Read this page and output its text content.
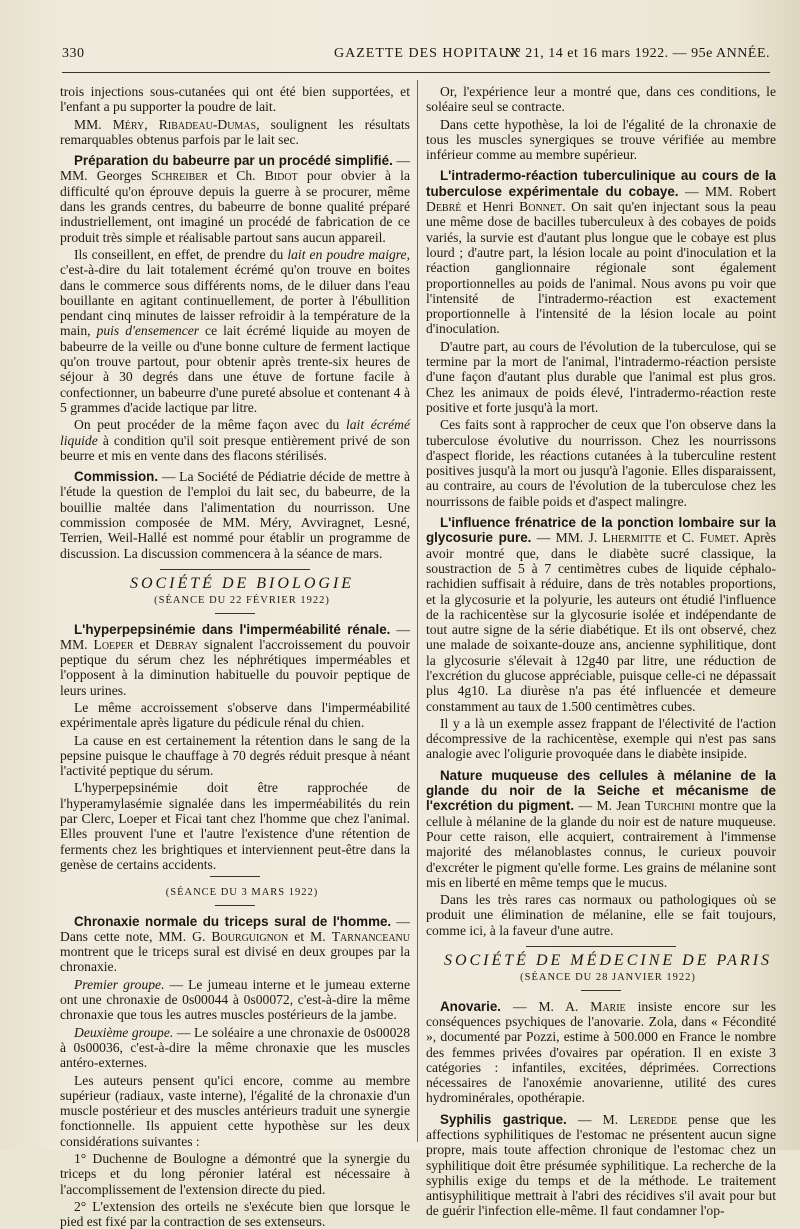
330	GAZETTE DES HOPITAUX
N° 21, 14 et 16 mars 1922. — 95e ANNÉE.

trois injections sous-cutanées qui ont été bien supportées, et l'enfant a pu supporter la poudre de lait.

MM. Méry, Ribadeau-Dumas, soulignent les résultats remarquables obtenus parfois par le lait sec.

Préparation du babeurre par un procédé simplifié. — MM. Georges Schreiber et Ch. Bidot pour obvier à la difficulté qu'on éprouve depuis la guerre à se procurer, même dans les grands centres, du babeurre de bonne qualité préparé industriellement, ont imaginé un procédé de fabrication de ce produit très simple et réalisable partout sans aucun appareil.

Ils conseillent, en effet, de prendre du lait en poudre maigre, c'est-à-dire du lait totalement écrémé qu'on trouve en boites dans le commerce sous différents noms, de le diluer dans l'eau bouillante en agitant continuellement, de porter à l'ébullition pendant cinq minutes de laisser refroidir à la température de la main, puis d'ensemencer ce lait écrémé liquide au moyen de babeurre de la veille ou d'une bonne culture de ferment lactique qu'on trouve partout, pour obtenir après trente-six heures de séjour à 30 degrés dans une étuve de fortune facile à confectionner, un babeurre d'une pureté absolue et contenant 4 à 5 grammes d'acide lactique par litre.

On peut procéder de la même façon avec du lait écrémé liquide à condition qu'il soit presque entièrement privé de son beurre et mis en vente dans des flacons stérilisés.

Commission. — La Société de Pédiatrie décide de mettre à l'étude la question de l'emploi du lait sec, du babeurre, de la bouillie maltée dans l'alimentation du nourrisson. Une commission composée de MM. Méry, Avviragnet, Lesné, Terrien, Weil-Hallé est nommé pour établir un programme de discussion. La discussion commencera à la séance de mars.

SOCIÉTÉ DE BIOLOGIE

(SÉANCE DU 22 FÉVRIER 1922)

L'hyperpepsinémie dans l'imperméabilité rénale. — MM. Loeper et Debray signalent l'accroissement du pouvoir peptique du sérum chez les néphrétiques imperméables et l'opposent à la diminution habituelle du pouvoir peptique de leurs urines.

Le même accroissement s'observe dans l'imperméabilité expérimentale après ligature du pédicule rénal du chien.

La cause en est certainement la rétention dans le sang de la pepsine puisque le chauffage à 70 degrés réduit presque à néant l'activité peptique du sérum.

L'hyperpepsinémie doit être rapprochée de l'hyperamylasémie signalée dans les imperméabilités du rein par Clerc, Loeper et Ficai tant chez l'homme que chez l'animal. Elles prouvent l'une et l'autre l'existence d'une rétention de ferments chez les brightiques et interviennent peut-être dans la genèse de certains accidents.

(SÉANCE DU 3 MARS 1922)

Chronaxie normale du triceps sural de l'homme. — Dans cette note, MM. G. Bourguignon et M. Tarnanceanu montrent que le triceps sural est divisé en deux groupes par la chronaxie.

Premier groupe. — Le jumeau interne et le jumeau externe ont une chronaxie de 0s00044 à 0s00072, c'est-à-dire la même chronaxie que tous les autres muscles postérieurs de la jambe.

Deuxième groupe. — Le soléaire a une chronaxie de 0s00028 à 0s00036, c'est-à-dire la même chronaxie que les muscles antéro-externes.

Les auteurs pensent qu'ici encore, comme au membre supérieur (radiaux, vaste interne), l'égalité de la chronaxie d'un muscle postérieur et des muscles antérieurs traduit une synergie fonctionnelle. Ils appuient cette hypothèse sur les deux considérations suivantes :

1° Duchenne de Boulogne a démontré que la synergie du triceps et du long péronier latéral est nécessaire à l'accomplissement de l'extension directe du pied.

2° L'extension des orteils ne s'exécute bien que lorsque le pied est fixé par la contraction de ses extenseurs.

Or, l'expérience leur a montré que, dans ces conditions, le soléaire seul se contracte.

Dans cette hypothèse, la loi de l'égalité de la chronaxie de tous les muscles synergiques se trouve vérifiée au membre inférieur comme au membre supérieur.

L'intradermo-réaction tuberculinique au cours de la tuberculose expérimentale du cobaye. — MM. Robert Debré et Henri Bonnet. On sait qu'en injectant sous la peau une même dose de bacilles tuberculeux à des cobayes de poids variés, la survie est d'autant plus longue que le cobaye est plus lourd ; d'autre part, la lésion locale au point d'inoculation et la réaction ganglionnaire régionale sont également proportionnelles au poids de l'animal. Nous avons pu voir que l'intensité de l'intradermo-réaction est exactement proportionnelle à l'intensité de la lésion locale au point d'inoculation.

D'autre part, au cours de l'évolution de la tuberculose, qui se termine par la mort de l'animal, l'intradermo-réaction persiste d'une façon d'autant plus durable que l'animal est plus gros. Chez les animaux de poids élevé, l'intradermo-réaction reste positive et forte jusqu'à la mort.

Ces faits sont à rapprocher de ceux que l'on observe dans la tuberculose évolutive du nourrisson. Chez les nourrissons d'aspect floride, les réactions cutanées à la tuberculine restent positives jusqu'à la mort ou jusqu'à l'agonie. Elles disparaissent, au contraire, au cours de l'évolution de la tuberculose chez les nourrissons de faible poids et d'aspect malingre.

L'influence frénatrice de la ponction lombaire sur la glycosurie pure. — MM. J. Lhermitte et C. Fumet. Après avoir montré que, dans le diabète sucré classique, la soustraction de 5 à 7 centimètres cubes de liquide céphalo-rachidien suffisait à réduire, dans de très notables proportions, et la glycosurie et la polyurie, les auteurs ont étudié l'influence de la rachicentèse sur la glycosurie isolée et indépendante de tout autre signe de la série diabétique. Et ils ont observé, chez une malade de soixante-douze ans, ancienne syphilitique, dont la glycosurie s'élevait à 12g40 par litre, une réduction de l'excrétion du glucose appréciable, puisque celle-ci ne dépassait plus 4g10. La diurèse n'a pas été influencée et demeure constamment au taux de 1.500 centimètres cubes.

Il y a là un exemple assez frappant de l'électivité de l'action décompressive de la rachicentèse, exemple qui n'est pas sans analogie avec l'oligurie provoquée dans le diabète insipide.

Nature muqueuse des cellules à mélanine de la glande du noir de la Seiche et mécanisme de l'excrétion du pigment. — M. Jean Turchini montre que la cellule à mélanine de la glande du noir est de nature muqueuse. Pour cette raison, elle acquiert, contrairement à l'immense majorité des mélanoblastes connus, le curieux pouvoir d'excréter le pigment qu'elle forme. Les grains de mélanine sont mis en liberté en même temps que le mucus.

Dans les très rares cas normaux ou pathologiques où se produit une élimination de mélanine, elle se fait toujours, comme ici, à la faveur d'une autre.

SOCIÉTÉ DE MÉDECINE DE PARIS

(SÉANCE DU 28 JANVIER 1922)

Anovarie. — M. A. Marie insiste encore sur les conséquences psychiques de l'anovarie. Zola, dans « Fécondité », documenté par Pozzi, estime à 500.000 en France le nombre des femmes privées d'ovaires par opération. Il en existe 3 catégories : infantiles, excitées, déprimées. Corrections nécessaires de l'anoxémie anovarienne, utilité des cures hydrominérales, opothérapie.

Syphilis gastrique. — M. Leredde pense que les affections syphilitiques de l'estomac ne présentent aucun signe propre, mais toute affection chronique de l'estomac chez un syphilitique doit être présumée syphilitique. La recherche de la syphilis exige du temps et de la méthode. Le traitement antisyphilitique mettrait à l'abri des récidives s'il avait pour but de guérir l'infection elle-même. Il faut condamner l'op-
